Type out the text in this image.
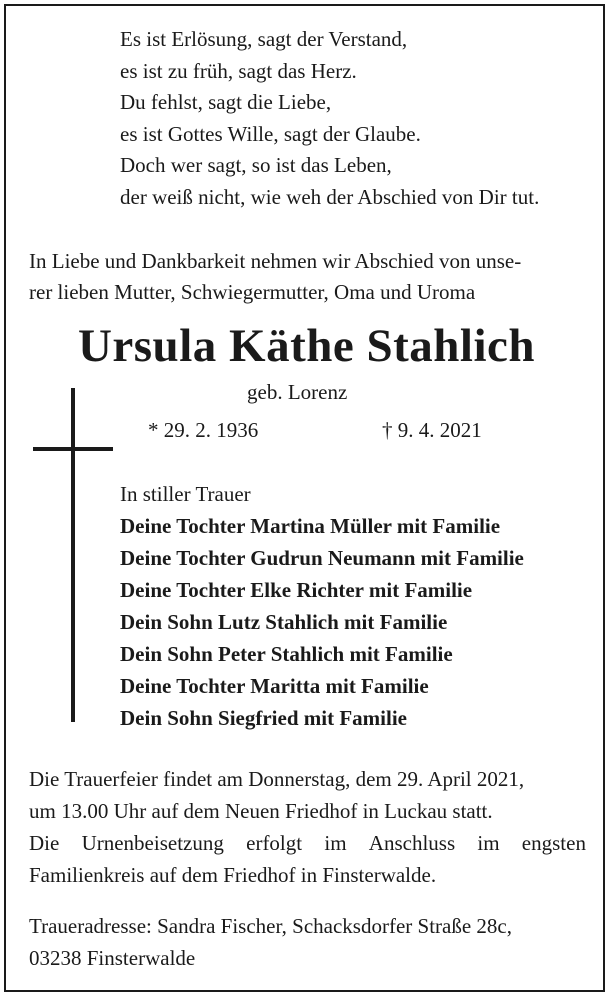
Es ist Erlösung, sagt der Verstand,
es ist zu früh, sagt das Herz.
Du fehlst, sagt die Liebe,
es ist Gottes Wille, sagt der Glaube.
Doch wer sagt, so ist das Leben,
der weiß nicht, wie weh der Abschied von Dir tut.
In Liebe und Dankbarkeit nehmen wir Abschied von unse-
rer lieben Mutter, Schwiegermutter, Oma und Uroma
Ursula Käthe Stahlich
geb. Lorenz
* 29. 2. 1936	† 9. 4. 2021
In stiller Trauer
Deine Tochter Martina Müller mit Familie
Deine Tochter Gudrun Neumann mit Familie
Deine Tochter Elke Richter mit Familie
Dein Sohn Lutz Stahlich mit Familie
Dein Sohn Peter Stahlich mit Familie
Deine Tochter Maritta mit Familie
Dein Sohn Siegfried mit Familie
Die Trauerfeier findet am Donnerstag, dem 29. April 2021,
um 13.00 Uhr auf dem Neuen Friedhof in Luckau statt.
Die Urnenbeisetzung erfolgt im Anschluss im engsten
Familienkreis auf dem Friedhof in Finsterwalde.
Traueradresse: Sandra Fischer, Schacksdorfer Straße 28c,
03238 Finsterwalde
